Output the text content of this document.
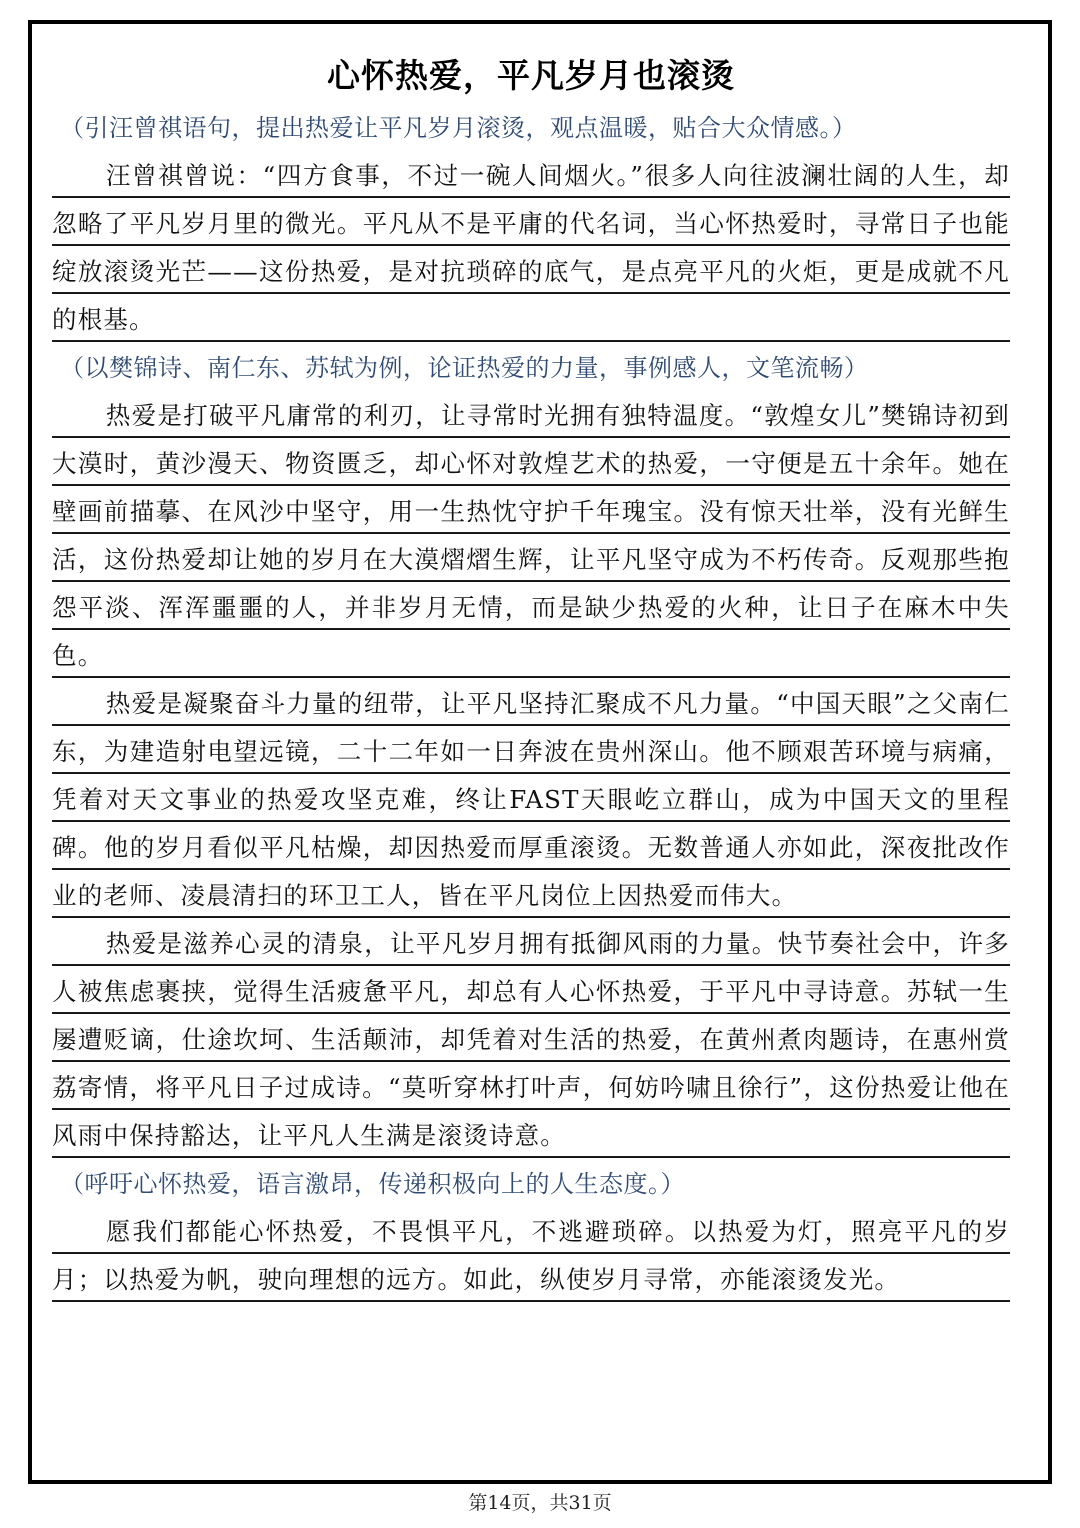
心怀热爱，平凡岁月也滚烫
（引汪曾祺语句，提出热爱让平凡岁月滚烫，观点温暖，贴合大众情感。）

汪曾祺曾说：“四方食事，不过一碗人间烟火。”很多人向往波澜壮阔的人生，却忽略了平凡岁月里的微光。平凡从不是平庸的代名词，当心怀热爱时，寻常日子也能绽放滚烫光芒——这份热爱，是对抗琐碎的底气，是点亮平凡的火炬，更是成就不凡的根基。

（以樊锦诗、南仁东、苏轼为例，论证热爱的力量，事例感人，文笔流畅）

热爱是打破平凡庸常的利刃，让寻常时光拥有独特温度。“敦煌女儿”樊锦诗初到大漠时，黄沙漫天、物资匮乏，却心怀对敦煌艺术的热爱，一守便是五十余年。她在壁画前描摹、在风沙中坚守，用一生热忱守护千年瑰宝。没有惊天壮举，没有光鲜生活，这份热爱却让她的岁月在大漠熠熠生辉，让平凡坚守成为不朽传奇。反观那些抱怨平淡、浑浑噩噩的人，并非岁月无情，而是缺少热爱的火种，让日子在麻木中失色。

热爱是凝聚奋斗力量的纽带，让平凡坚持汇聚成不凡力量。“中国天眼”之父南仁东，为建造射电望远镜，二十二年如一日奔波在贵州深山。他不顾艰苦环境与病痛，凭着对天文事业的热爱攻坚克难，终让FAST天眼屹立群山，成为中国天文的里程碑。他的岁月看似平凡枯燥，却因热爱而厚重滚烫。无数普通人亦如此，深夜批改作业的老师、凌晨清扫的环卫工人，皆在平凡岗位上因热爱而伟大。

热爱是滋养心灵的清泉，让平凡岁月拥有抵御风雨的力量。快节奏社会中，许多人被焦虑裹挟，觉得生活疲惫平凡，却总有人心怀热爱，于平凡中寻诗意。苏轼一生屡遭贬谪，仕途坎坷、生活颠沛，却凭着对生活的热爱，在黄州煮肉题诗，在惠州赏荔寄情，将平凡日子过成诗。“莫听穿林打叶声，何妨吟啸且徐行”，这份热爱让他在风雨中保持豁达，让平凡人生满是滚烫诗意。

（呼吁心怀热爱，语言激昂，传递积极向上的人生态度。）

愿我们都能心怀热爱，不畏惧平凡，不逃避琐碎。以热爱为灯，照亮平凡的岁月；以热爱为帆，驶向理想的远方。如此，纵使岁月寻常，亦能滚烫发光。

第14页，共31页
